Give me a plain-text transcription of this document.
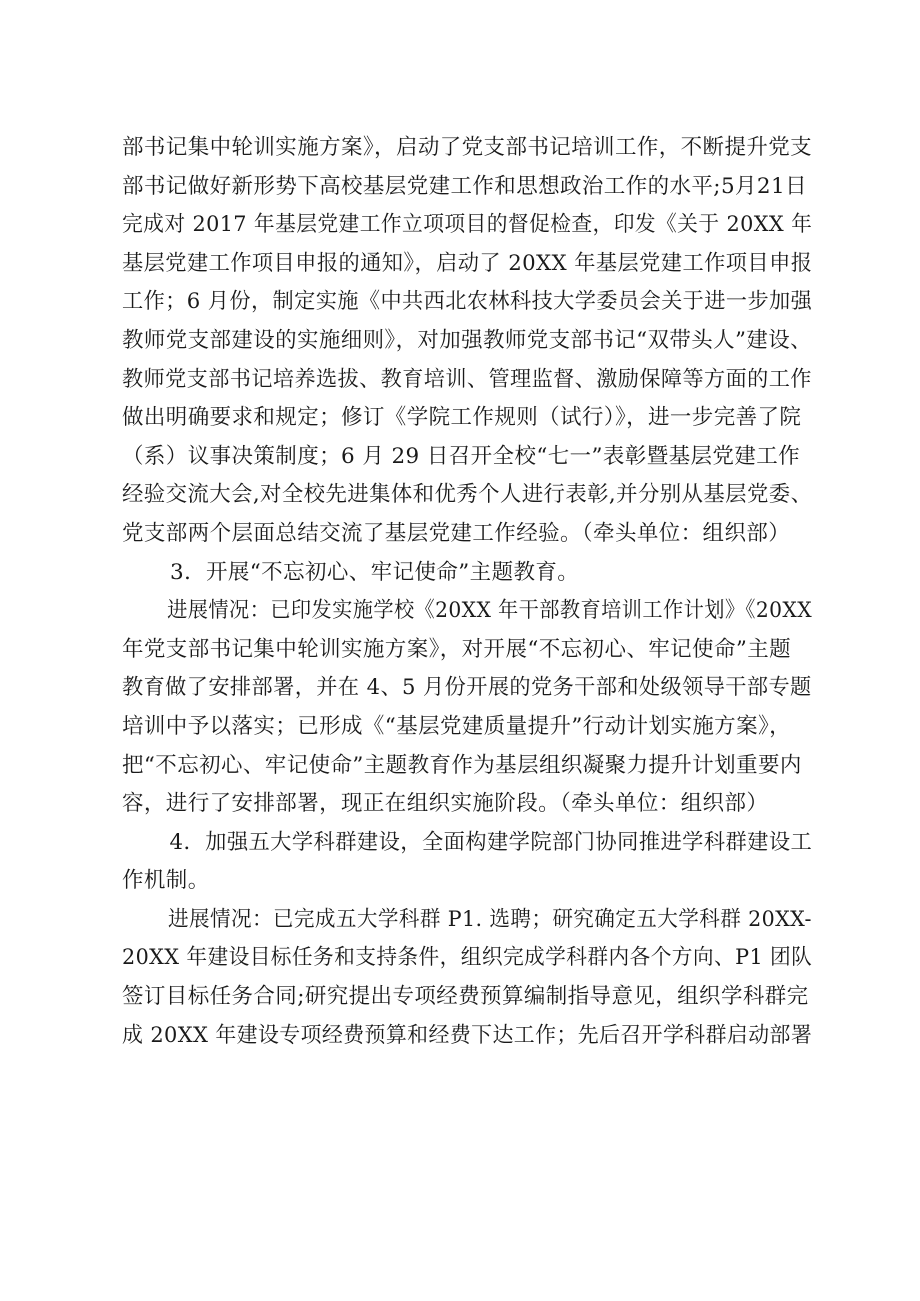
部书记集中轮训实施方案》，启动了党支部书记培训工作，不断提升党支
部书记做好新形势下高校基层党建工作和思想政治工作的水平;5月21日
完成对 2017 年基层党建工作立项项目的督促检查，印发《关于 20XX 年
基层党建工作项目申报的通知》，启动了 20XX 年基层党建工作项目申报
工作；6 月份，制定实施《中共西北农林科技大学委员会关于进一步加强
教师党支部建设的实施细则》，对加强教师党支部书记“双带头人”建设、
教师党支部书记培养选拔、教育培训、管理监督、激励保障等方面的工作
做出明确要求和规定；修订《学院工作规则（试行）》，进一步完善了院
（系）议事决策制度；6 月 29 日召开全校“七一”表彰暨基层党建工作
经验交流大会,对全校先进集体和优秀个人进行表彰,并分别从基层党委、
党支部两个层面总结交流了基层党建工作经验。（牵头单位：组织部）
3．开展“不忘初心、牢记使命”主题教育。
进展情况：已印发实施学校《20XX 年干部教育培训工作计划》《20XX
年党支部书记集中轮训实施方案》，对开展“不忘初心、牢记使命”主题
教育做了安排部署，并在 4、5 月份开展的党务干部和处级领导干部专题
培训中予以落实；已形成《“基层党建质量提升”行动计划实施方案》，
把“不忘初心、牢记使命”主题教育作为基层组织凝聚力提升计划重要内
容，进行了安排部署，现正在组织实施阶段。（牵头单位：组织部）
4．加强五大学科群建设，全面构建学院部门协同推进学科群建设工
作机制。
进展情况：已完成五大学科群 P1. 选聘；研究确定五大学科群 20XX-
20XX 年建设目标任务和支持条件，组织完成学科群内各个方向、P1 团队
签订目标任务合同;研究提出专项经费预算编制指导意见，组织学科群完
成 20XX 年建设专项经费预算和经费下达工作；先后召开学科群启动部署
